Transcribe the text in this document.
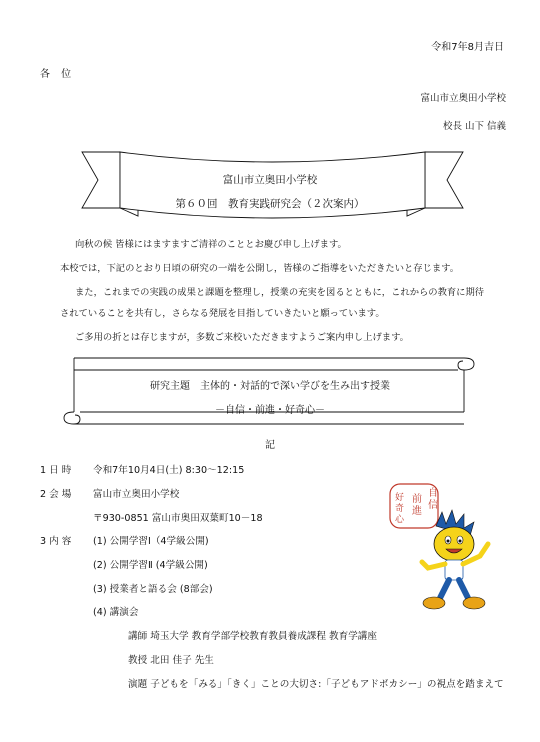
令和7年8月吉日
各 位
富山市立奥田小学校
校長 山下 信義
富山市立奥田小学校
第６０回　教育実践研究会（２次案内）
向秋の候 皆様にはますますご清祥のこととお慶び申し上げます。
本校では，下記のとおり日頃の研究の一端を公開し，皆様のご指導をいただきたいと存じます。
また，これまでの実践の成果と課題を整理し，授業の充実を図るとともに，これからの教育に期待
されていることを共有し，さらなる発展を目指していきたいと願っています。
ご多用の折とは存じますが，多数ご来校いただきますようご案内申し上げます。
研究主題　主体的・対話的で深い学びを生み出す授業
－自信・前進・好奇心－
記
1 日 時 令和7年10月4日(土) 8:30～12:15
2 会 場 富山市立奥田小学校
〒930-0851 富山市奥田双葉町10－18
3 内 容 (1) 公開学習Ⅰ（4学級公開)
(2) 公開学習Ⅱ (4学級公開)
(3) 授業者と語る会 (8部会)
(4) 講演会
講師 埼玉大学 教育学部学校教育教員養成課程 教育学講座
教授 北田 佳子 先生
演題 子どもを「みる」「きく」ことの大切さ:「子どもアドボカシー」の視点を踏まえて
自
信
前
進
好
奇
心
